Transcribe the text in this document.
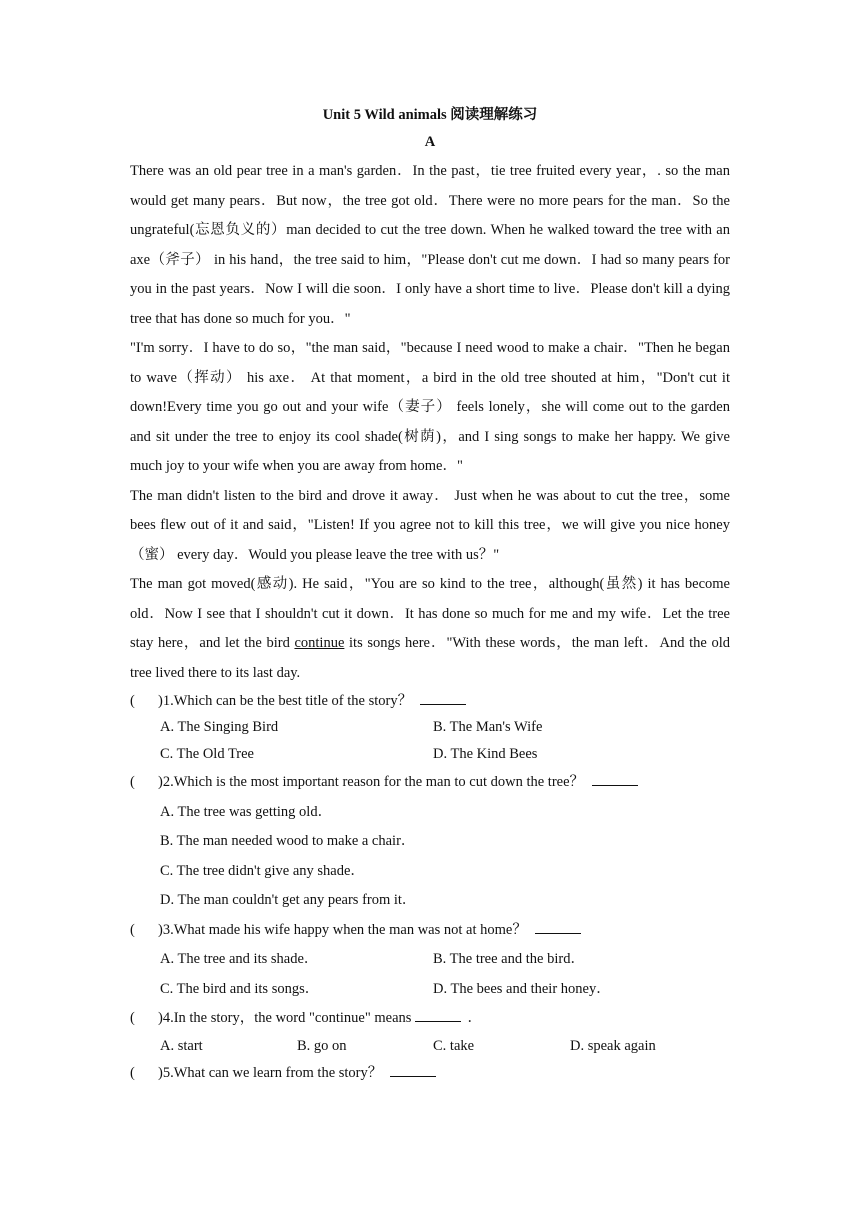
Unit 5 Wild animals 阅读理解练习
A

There was an old pear tree in a man's garden．In the past，tie tree fruited every year，. so the man would get many pears．But now，the tree got old．There were no more pears for the man．So the ungrateful(忘恩负义的）man decided to cut the tree down. When he walked toward the tree with an axe（斧子） in his hand，the tree said to him，"Please don't cut me down．I had so many pears for you in the past years．Now I will die soon．I only have a short time to live．Please don't kill a dying tree that has done so much for you．"

"I'm sorry．I have to do so，"the man said，"because I need wood to make a chair．"Then he began to wave（挥动） his axe． At that moment，a bird in the old tree shouted at him，"Don't cut it down!Every time you go out and your wife（妻子） feels lonely，she will come out to the garden and sit under the tree to enjoy its cool shade(树荫)，and I sing songs to make her happy. We give much joy to your wife when you are away from home．"

The man didn't listen to the bird and drove it away． Just when he was about to cut the tree，some bees flew out of it and said，"Listen! If you agree not to kill this tree，we will give you nice honey（蜜） every day．Would you please leave the tree with us？"

The man got moved(感动). He said，"You are so kind to the tree，although(虽然) it has become old．Now I see that I shouldn't cut it down．It has done so much for me and my wife．Let the tree stay here，and let the bird continue its songs here．"With these words，the man left．And the old tree lived there to its last day.

( )1.Which can be the best title of the story？
A. The Singing Bird	B. The Man's Wife
C. The Old Tree	D. The Kind Bees
( )2.Which is the most important reason for the man to cut down the tree？
A. The tree was getting old．
B. The man needed wood to make a chair．
C. The tree didn't give any shade．
D. The man couldn't get any pears from it．
( )3.What made his wife happy when the man was not at home？
A. The tree and its shade．	B. The tree and the bird．
C. The bird and its songs．	D. The bees and their honey．
( )4.In the story，the word "continue" means	．
A. start	B. go on	C. take	D. speak again
( )5.What can we learn from the story？
